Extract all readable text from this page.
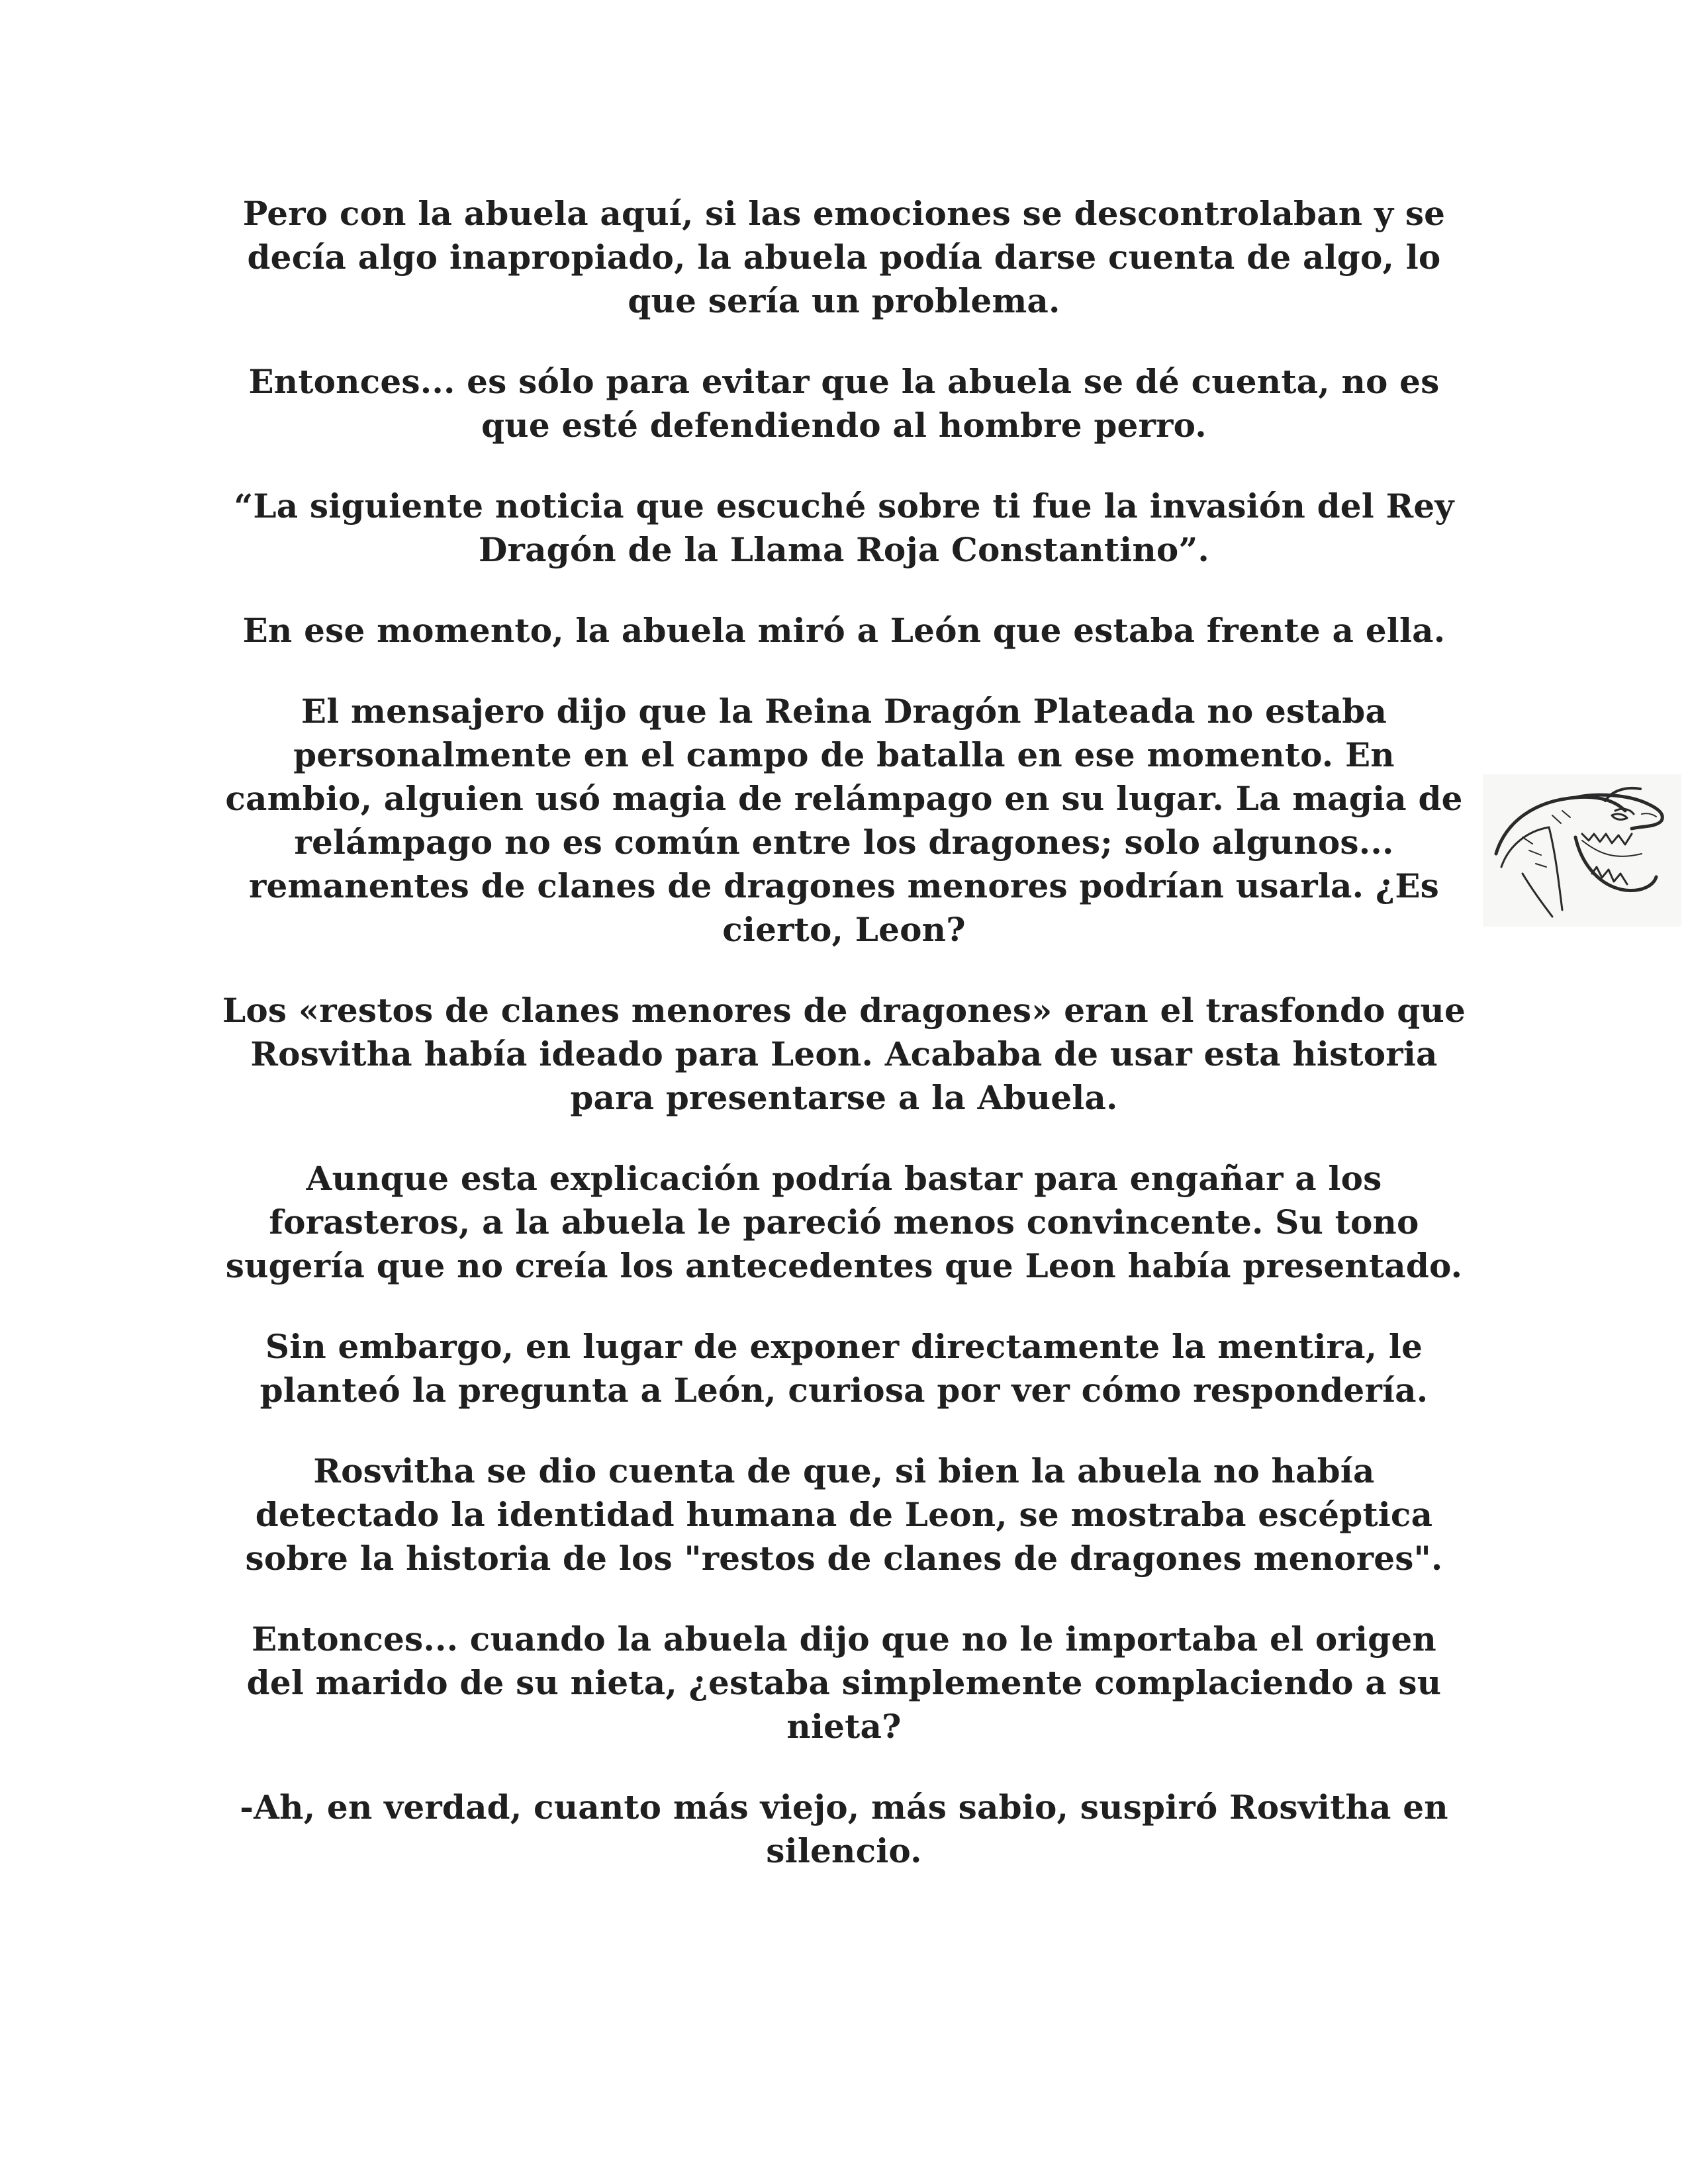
Pero con la abuela aquí, si las emociones se descontrolaban y se decía algo inapropiado, la abuela podía darse cuenta de algo, lo que sería un problema.

Entonces... es sólo para evitar que la abuela se dé cuenta, no es que esté defendiendo al hombre perro.

“La siguiente noticia que escuché sobre ti fue la invasión del Rey Dragón de la Llama Roja Constantino”.

En ese momento, la abuela miró a León que estaba frente a ella.

El mensajero dijo que la Reina Dragón Plateada no estaba personalmente en el campo de batalla en ese momento. En cambio, alguien usó magia de relámpago en su lugar. La magia de relámpago no es común entre los dragones; solo algunos... remanentes de clanes de dragones menores podrían usarla. ¿Es cierto, Leon?

Los «restos de clanes menores de dragones» eran el trasfondo que Rosvitha había ideado para Leon. Acababa de usar esta historia para presentarse a la Abuela.

Aunque esta explicación podría bastar para engañar a los forasteros, a la abuela le pareció menos convincente. Su tono sugería que no creía los antecedentes que Leon había presentado.

Sin embargo, en lugar de exponer directamente la mentira, le planteó la pregunta a León, curiosa por ver cómo respondería.

Rosvitha se dio cuenta de que, si bien la abuela no había detectado la identidad humana de Leon, se mostraba escéptica sobre la historia de los "restos de clanes de dragones menores".

Entonces... cuando la abuela dijo que no le importaba el origen del marido de su nieta, ¿estaba simplemente complaciendo a su nieta?

-Ah, en verdad, cuanto más viejo, más sabio, suspiró Rosvitha en silencio.
